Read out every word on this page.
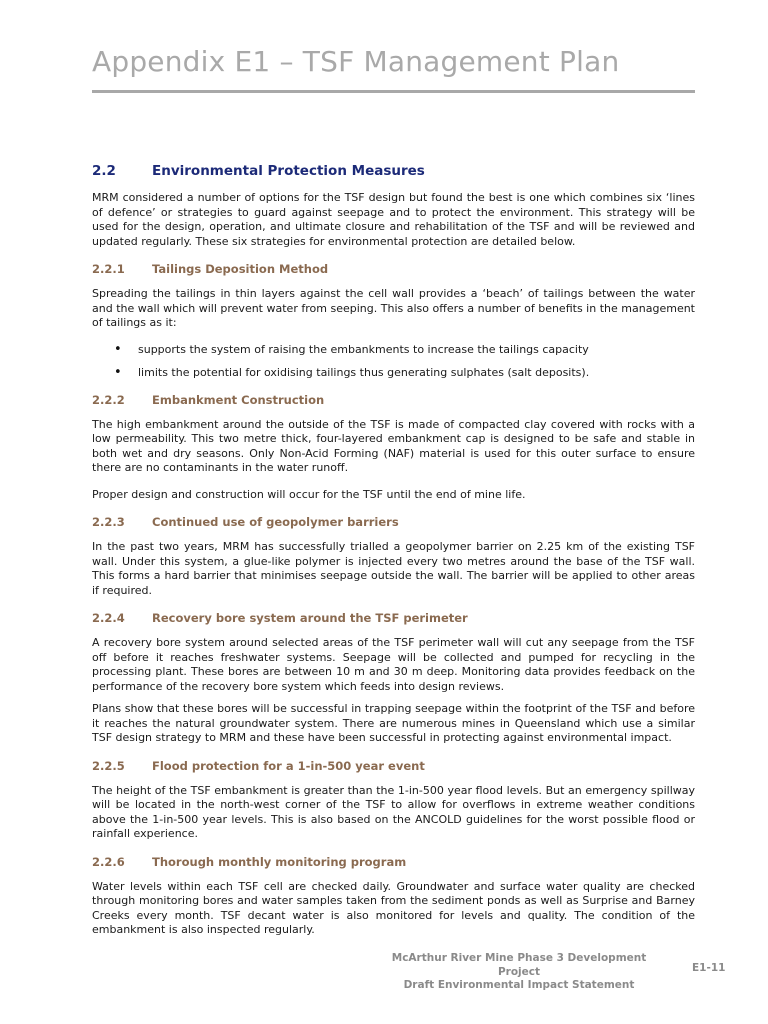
Appendix E1 – TSF Management Plan
2.2	Environmental Protection Measures

MRM considered a number of options for the TSF design but found the best is one which combines six ‘lines of defence’ or strategies to guard against seepage and to protect the environment. This strategy will be used for the design, operation, and ultimate closure and rehabilitation of the TSF and will be reviewed and updated regularly. These six strategies for environmental protection are detailed below.

2.2.1 Tailings Deposition Method

Spreading the tailings in thin layers against the cell wall provides a ‘beach’ of tailings between the water and the wall which will prevent water from seeping. This also offers a number of benefits in the management of tailings as it:

• supports the system of raising the embankments to increase the tailings capacity
• limits the potential for oxidising tailings thus generating sulphates (salt deposits).
2.2.2 Embankment Construction

The high embankment around the outside of the TSF is made of compacted clay covered with rocks with a low permeability. This two metre thick, four-layered embankment cap is designed to be safe and stable in both wet and dry seasons. Only Non-Acid Forming (NAF) material is used for this outer surface to ensure there are no contaminants in the water runoff.

Proper design and construction will occur for the TSF until the end of mine life.

2.2.3 Continued use of geopolymer barriers

In the past two years, MRM has successfully trialled a geopolymer barrier on 2.25 km of the existing TSF wall. Under this system, a glue-like polymer is injected every two metres around the base of the TSF wall. This forms a hard barrier that minimises seepage outside the wall. The barrier will be applied to other areas if required.

2.2.4 Recovery bore system around the TSF perimeter

A recovery bore system around selected areas of the TSF perimeter wall will cut any seepage from the TSF off before it reaches freshwater systems. Seepage will be collected and pumped for recycling in the processing plant. These bores are between 10 m and 30 m deep. Monitoring data provides feedback on the performance of the recovery bore system which feeds into design reviews.

Plans show that these bores will be successful in trapping seepage within the footprint of the TSF and before it reaches the natural groundwater system. There are numerous mines in Queensland which use a similar TSF design strategy to MRM and these have been successful in protecting against environmental impact.

2.2.5 Flood protection for a 1-in-500 year event

The height of the TSF embankment is greater than the 1-in-500 year flood levels. But an emergency spillway will be located in the north-west corner of the TSF to allow for overflows in extreme weather conditions above the 1-in-500 year levels. This is also based on the ANCOLD guidelines for the worst possible flood or rainfall experience.

2.2.6 Thorough monthly monitoring program

Water levels within each TSF cell are checked daily. Groundwater and surface water quality are checked through monitoring bores and water samples taken from the sediment ponds as well as Surprise and Barney Creeks every month. TSF decant water is also monitored for levels and quality. The condition of the embankment is also inspected regularly.

McArthur River Mine Phase 3 Development Project
Draft Environmental Impact Statement
E1-11
